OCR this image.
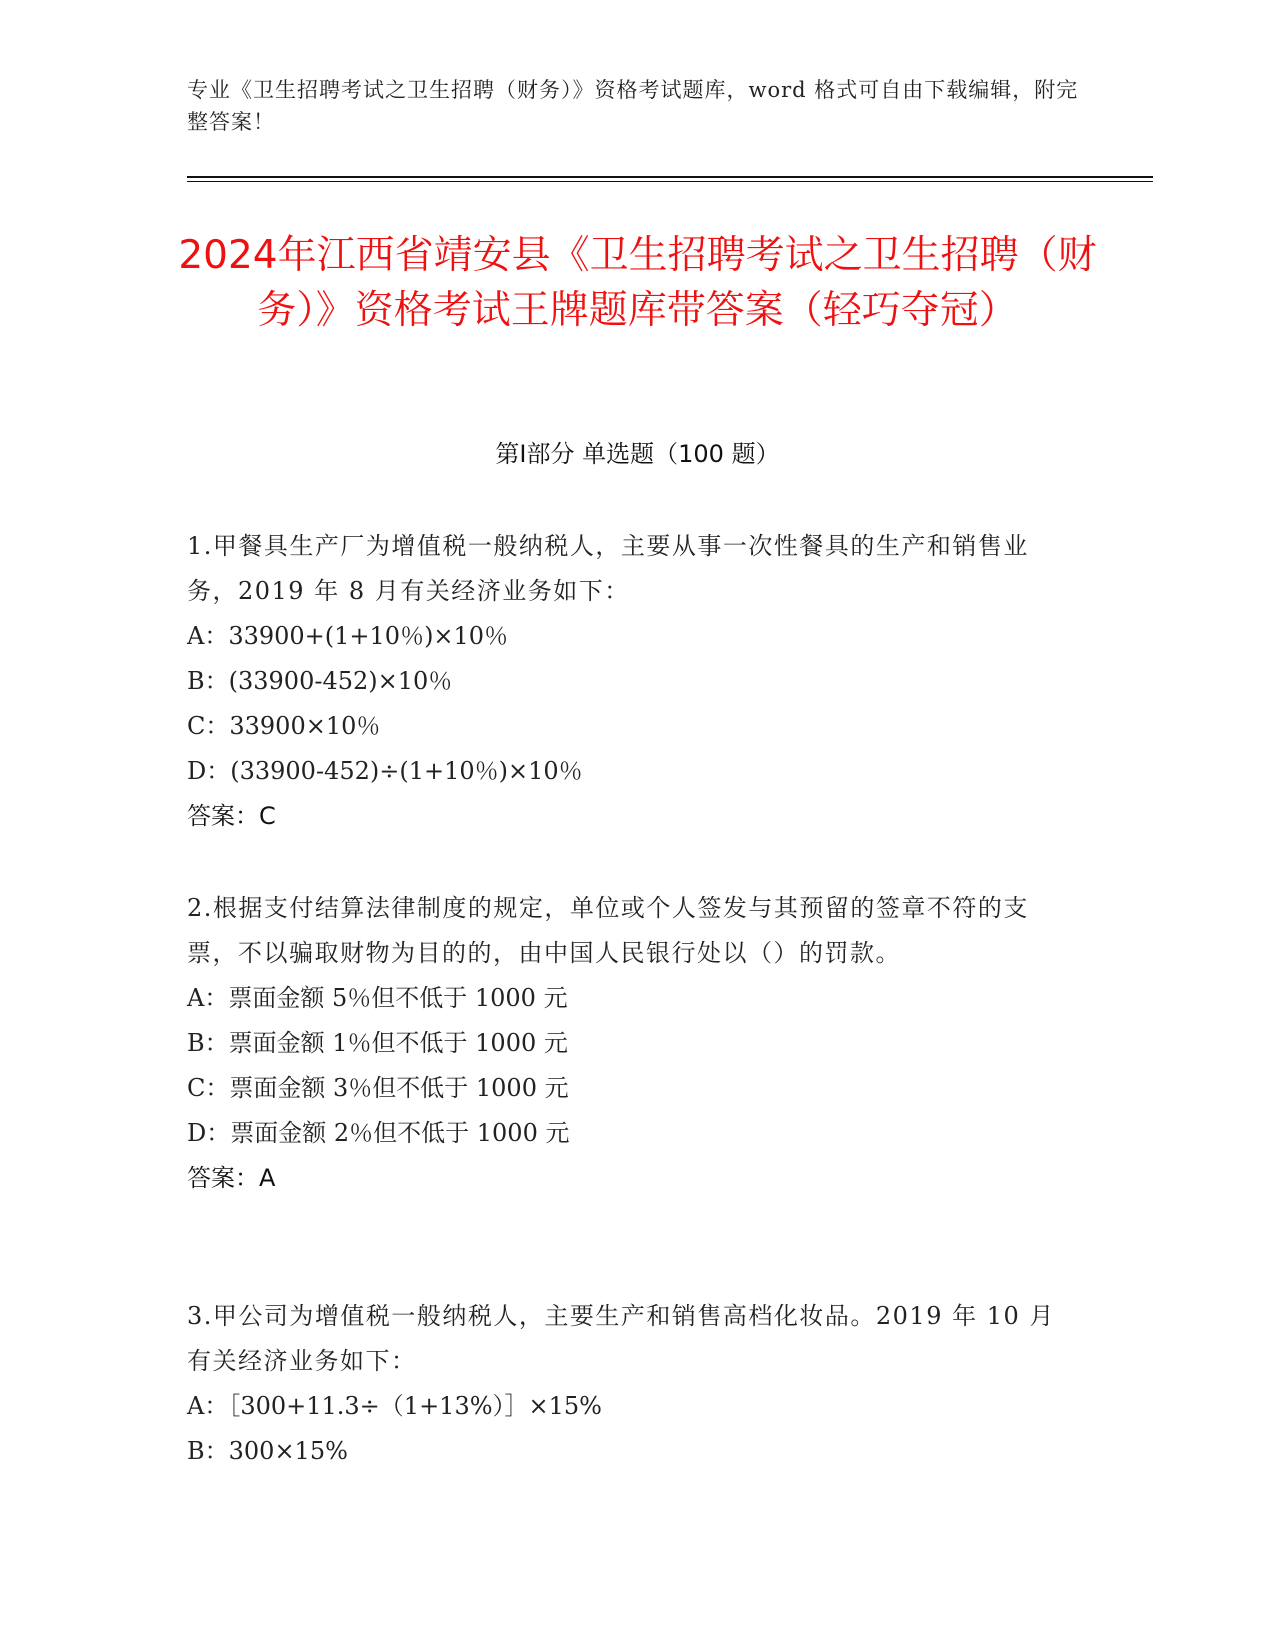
专业《卫生招聘考试之卫生招聘（财务）》资格考试题库，word 格式可自由下载编辑，附完整答案！
2024年江西省靖安县《卫生招聘考试之卫生招聘（财务）》资格考试王牌题库带答案（轻巧夺冠）
第Ⅰ部分 单选题（100 题）
1.甲餐具生产厂为增值税一般纳税人，主要从事一次性餐具的生产和销售业务，2019 年 8 月有关经济业务如下：
A：33900+(1+10％)×10％
B：(33900-452)×10％
C：33900×10％
D：(33900-452)÷(1+10％)×10％
答案：C
2.根据支付结算法律制度的规定，单位或个人签发与其预留的签章不符的支票，不以骗取财物为目的的，由中国人民银行处以（）的罚款。
A：票面金额 5％但不低于 1000 元
B：票面金额 1％但不低于 1000 元
C：票面金额 3％但不低于 1000 元
D：票面金额 2％但不低于 1000 元
答案：A
3.甲公司为增值税一般纳税人，主要生产和销售高档化妆品。2019 年 10 月有关经济业务如下：
A：［300+11.3÷（1+13%）］×15%
B：300×15%
